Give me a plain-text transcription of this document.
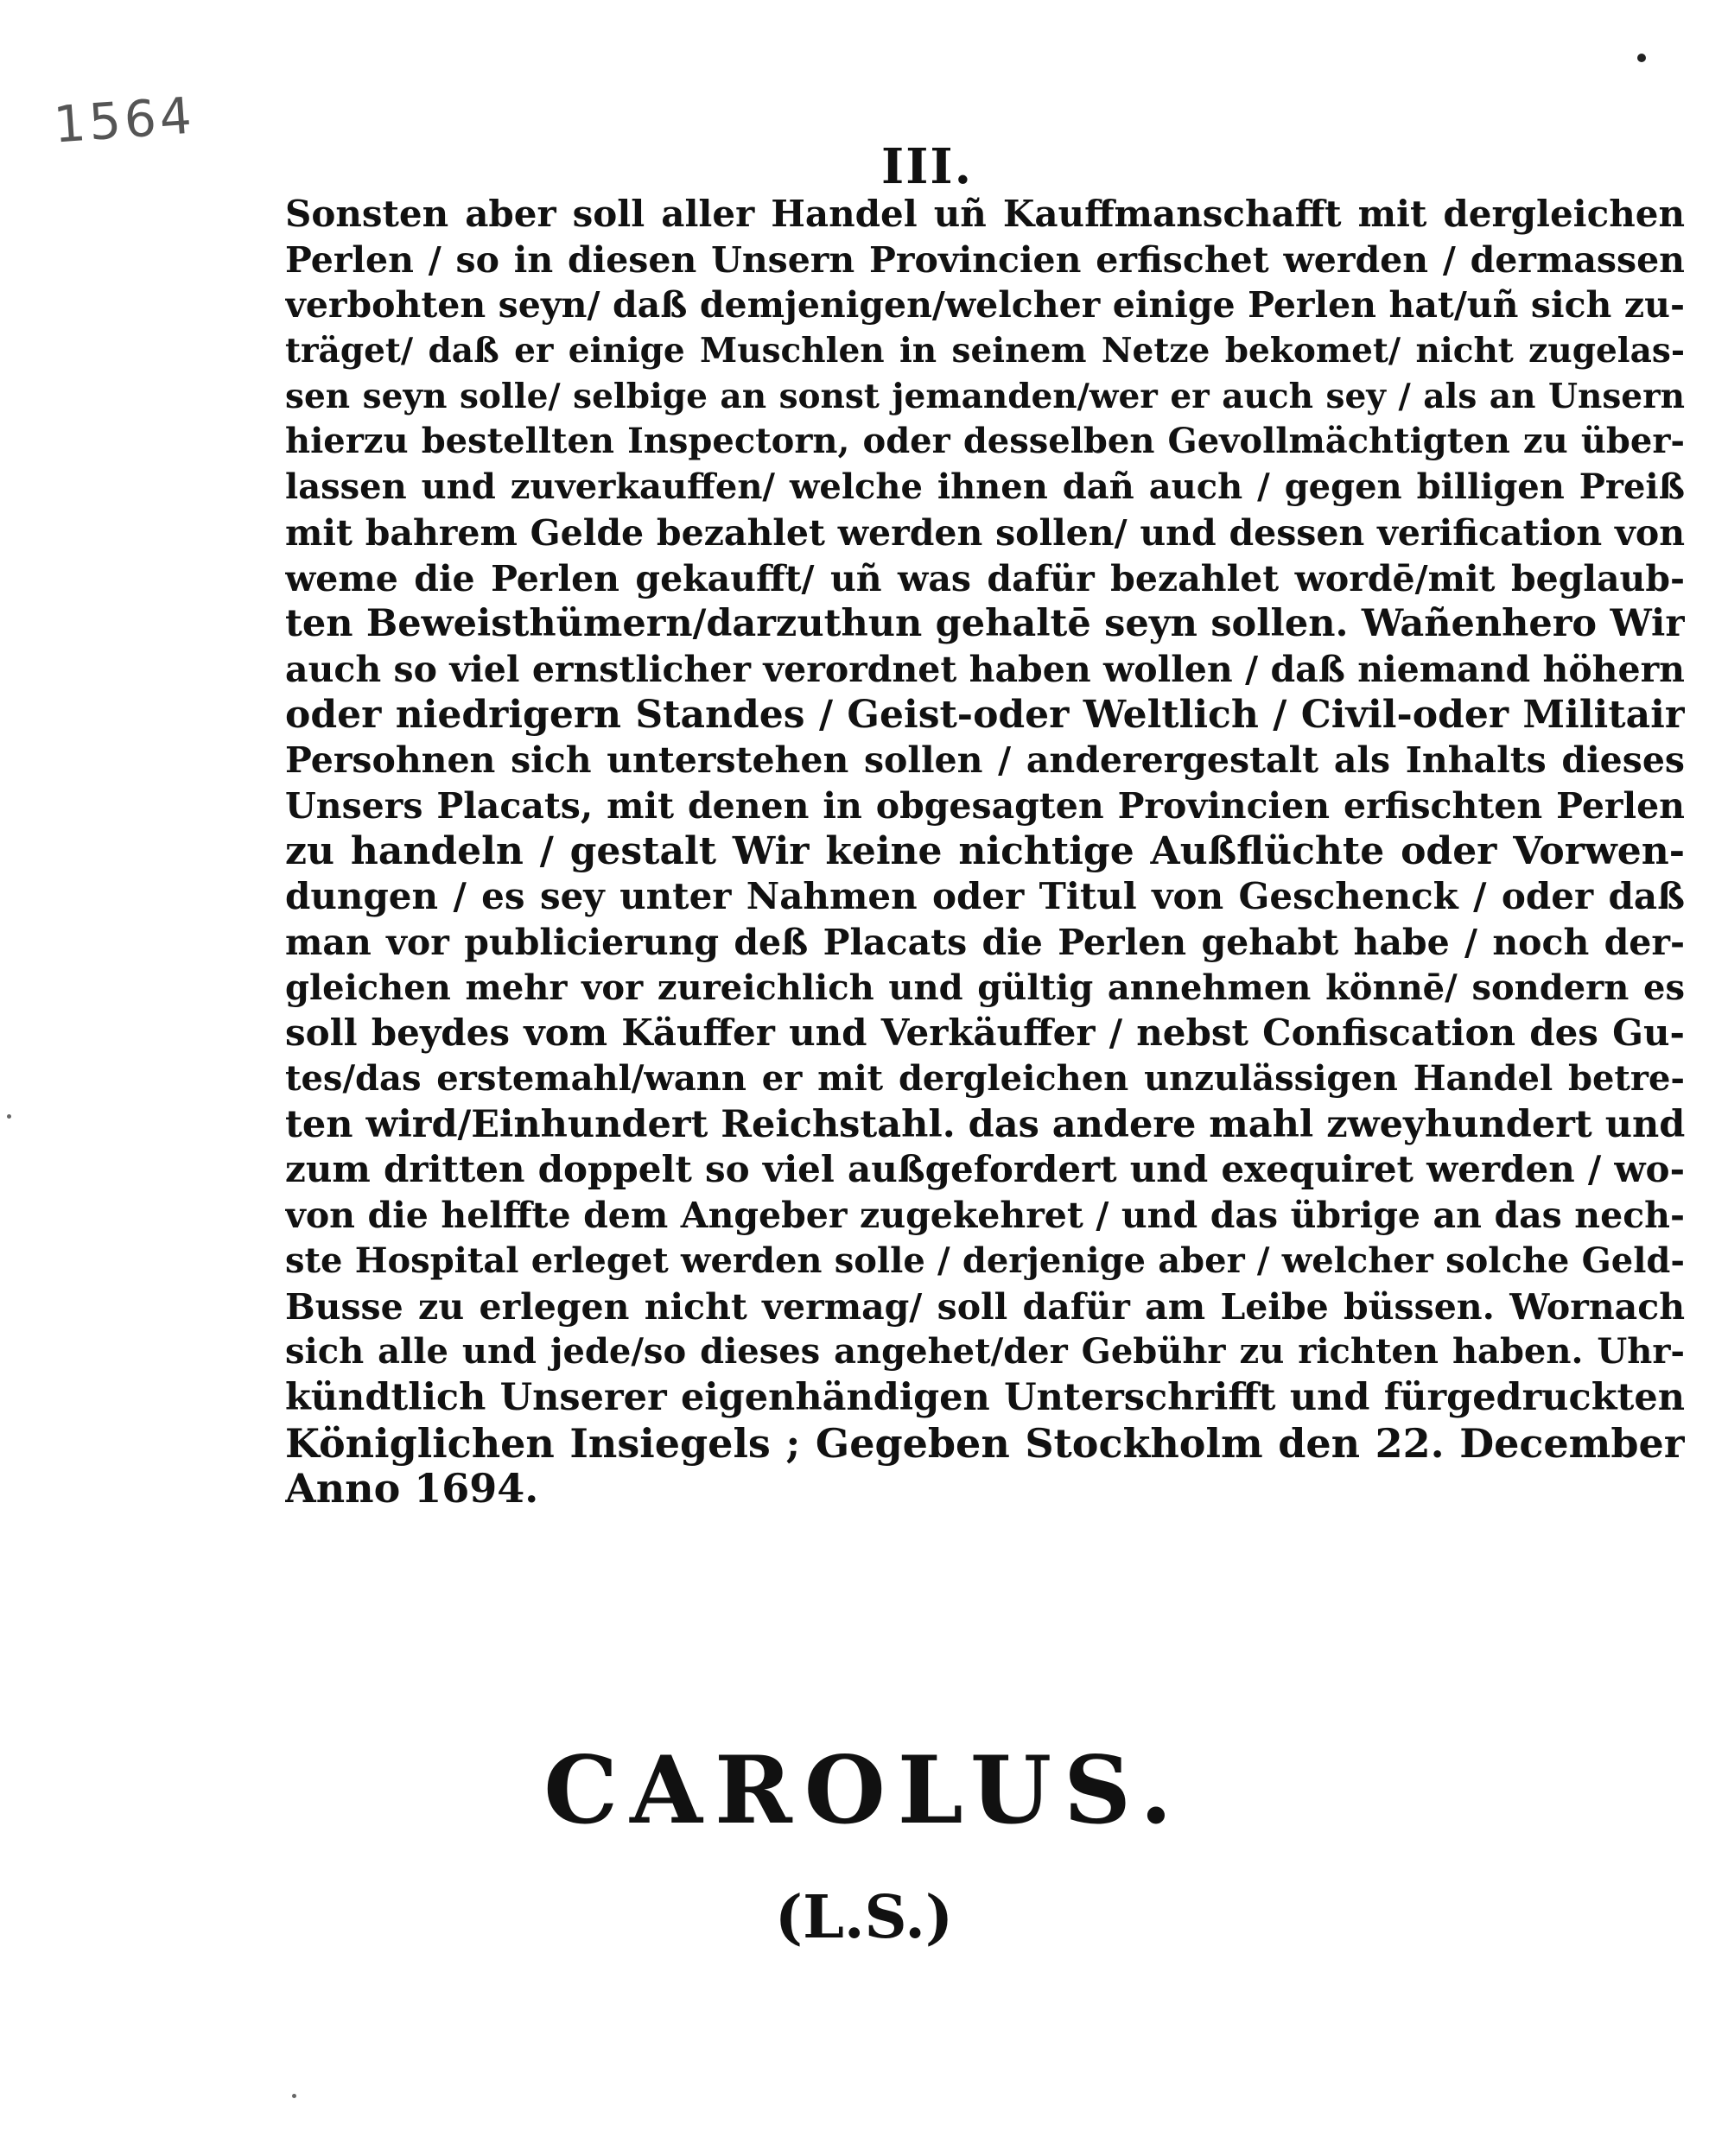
1564
III.
Sonsten aber soll aller Handel uñ Kauffmanschafft mit dergleichen
Perlen / so in diesen Unsern Provincien erfischet werden / dermassen
verbohten seyn/ daß demjenigen/welcher einige Perlen hat/uñ sich zu-
träget/ daß er einige Muschlen in seinem Netze bekomet/ nicht zugelas-
sen seyn solle/ selbige an sonst jemanden/wer er auch sey / als an Unsern
hierzu bestellten Inspectorn, oder desselben Gevollmächtigten zu über-
lassen und zuverkauffen/ welche ihnen dañ auch / gegen billigen Preiß
mit bahrem Gelde bezahlet werden sollen/ und dessen verification von
weme die Perlen gekaufft/ uñ was dafür bezahlet wordē/mit beglaub-
ten Beweisthümern/darzuthun gehaltē seyn sollen. Wañenhero Wir
auch so viel ernstlicher verordnet haben wollen / daß niemand höhern
oder niedrigern Standes / Geist-oder Weltlich / Civil-oder Militair
Persohnen sich unterstehen sollen / anderergestalt als Inhalts dieses
Unsers Placats, mit denen in obgesagten Provincien erfischten Perlen
zu handeln / gestalt Wir keine nichtige Außflüchte oder Vorwen-
dungen / es sey unter Nahmen oder Titul von Geschenck / oder daß
man vor publicierung deß Placats die Perlen gehabt habe / noch der-
gleichen mehr vor zureichlich und gültig annehmen könnē/ sondern es
soll beydes vom Käuffer und Verkäuffer / nebst Confiscation des Gu-
tes/das erstemahl/wann er mit dergleichen unzulässigen Handel betre-
ten wird/Einhundert Reichstahl. das andere mahl zweyhundert und
zum dritten doppelt so viel außgefordert und exequiret werden / wo-
von die helffte dem Angeber zugekehret / und das übrige an das nech-
ste Hospital erleget werden solle / derjenige aber / welcher solche Geld-
Busse zu erlegen nicht vermag/ soll dafür am Leibe büssen. Wornach
sich alle und jede/so dieses angehet/der Gebühr zu richten haben. Uhr-
kündtlich Unserer eigenhändigen Unterschrifft und fürgedruckten
Königlichen Insiegels ; Gegeben Stockholm den 22. December
Anno 1694.
CAROLUS.
(L.S.)
